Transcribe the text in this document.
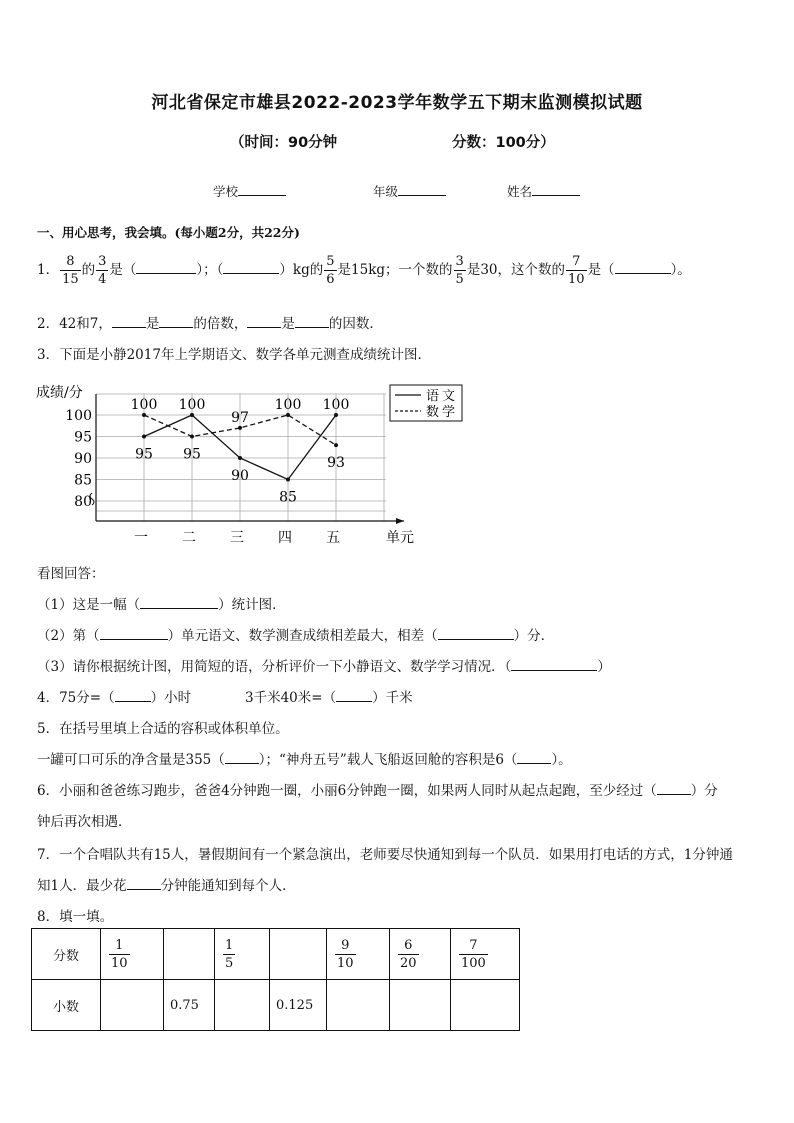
河北省保定市雄县2022-2023学年数学五下期末监测模拟试题
（时间：90分钟	分数：100分）
学校	年级	姓名
一、用心思考，我会填。(每小题2分，共22分)
1． $\frac{8}{15}$ 的 $\frac{3}{4}$ 是（	）；（	）kg的 $\frac{5}{6}$ 是15kg；一个数的 $\frac{3}{5}$ 是30，这个数的 $\frac{7}{10}$ 是（	）。
2．42和7，	是	的倍数，	是	的因数．
3．下面是小静2017年上学期语文、数学各单元测查成绩统计图．
80
85
90
95
100
成绩/分
一 二 三 四 五	单元
95
100
90
85
100
100
95
97
100
93
语文
数学
看图回答：
（1）这是一幅（	）统计图．
（2）第（	）单元语文、数学测查成绩相差最大，相差（	）分．
（3）请你根据统计图，用简短的语，分析评价一下小静语文、数学学习情况．（	）
4．75分=（	）小时	3千米40米=（	）千米
5．在括号里填上合适的容积或体积单位。
一罐可口可乐的净含量是355（	）；“神舟五号”载人飞船返回舱的容积是6（	）。
6．小丽和爸爸练习跑步，爸爸4分钟跑一圈，小丽6分钟跑一圈，如果两人同时从起点起跑，至少经过（	）分
钟后再次相遇．
7．一个合唱队共有15人，暑假期间有一个紧急演出，老师要尽快通知到每一个队员．如果用打电话的方式，1分钟通
知1人．最少花	分钟能通知到每个人．
8．填一填。
分数	$\frac{1}{10}$		$\frac{1}{5}$		$\frac{9}{10}$	$\frac{6}{20}$	$\frac{7}{100}$

小数		0.75		0.125			
